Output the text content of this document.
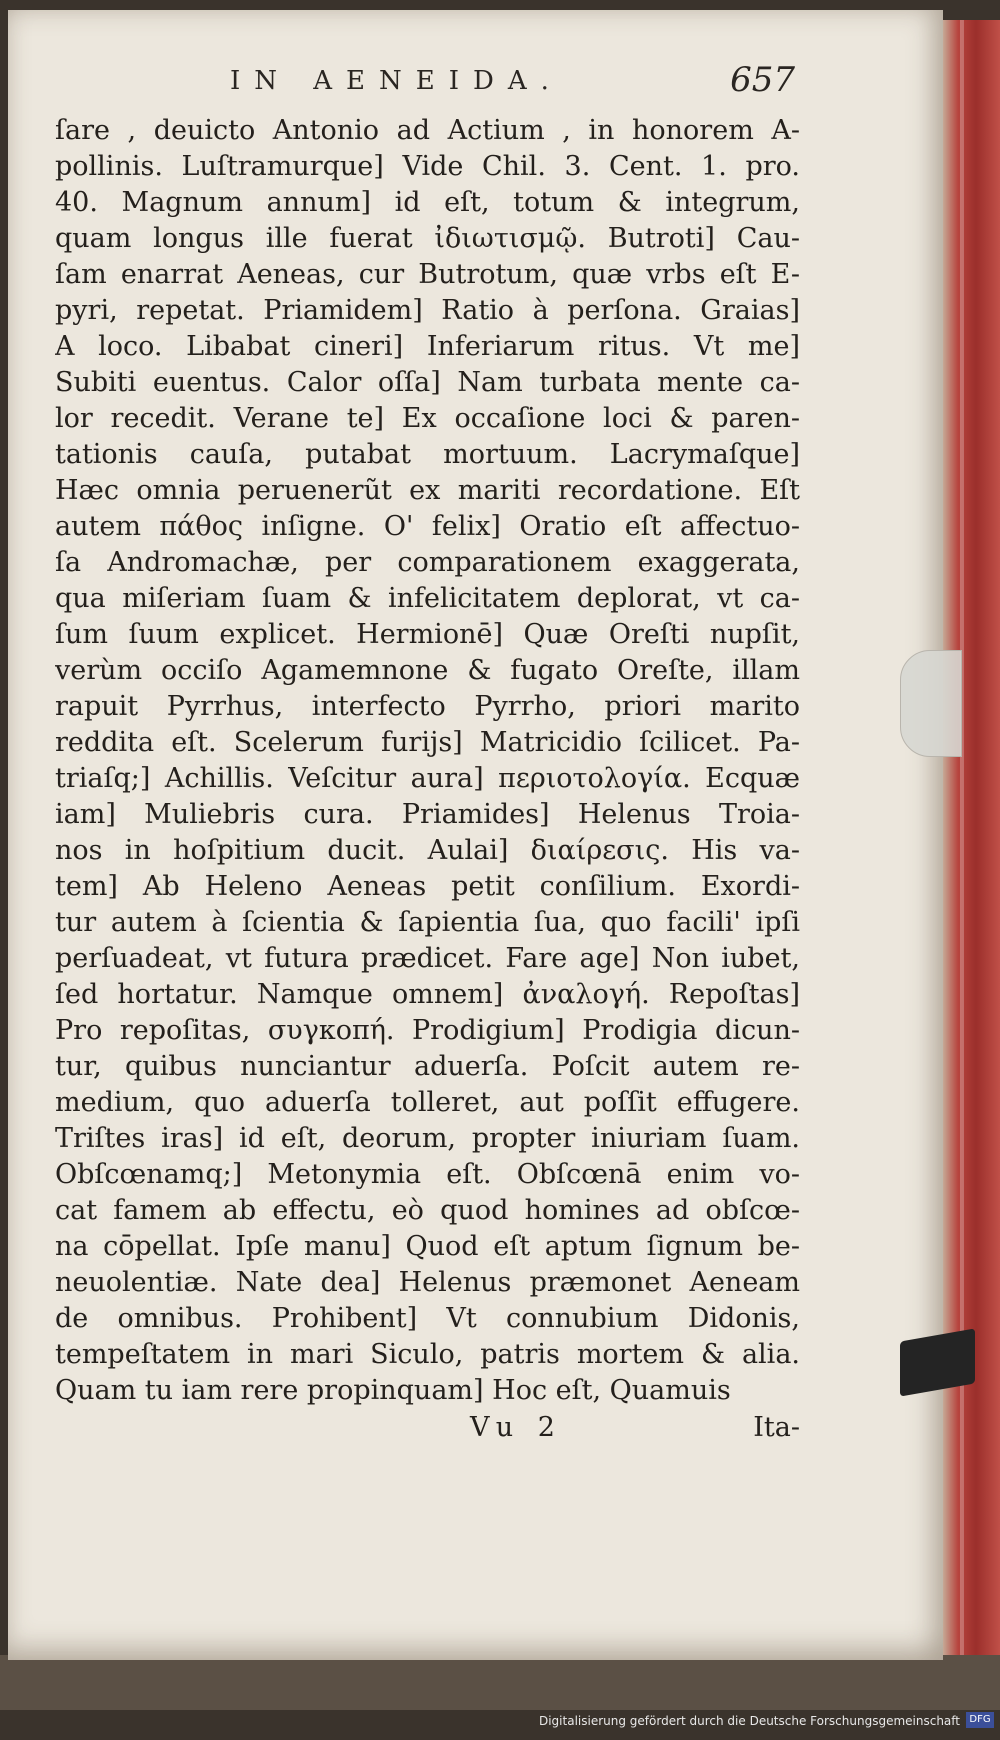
IN AENEIDA.	657
ſare , deuicto Antonio ad Actium , in honorem A-
pollinis. Luſtramurque] Vide Chil. 3. Cent. 1. pro.
40. Magnum annum] id eſt, totum & integrum,
quam longus ille fuerat ἰδιωτισμῷ. Butroti] Cau-
ſam enarrat Aeneas, cur Butrotum, quæ vrbs eſt E-
pyri, repetat. Priamidem] Ratio à perſona. Graias]
A loco. Libabat cineri] Inferiarum ritus. Vt me]
Subiti euentus. Calor oſſa] Nam turbata mente ca-
lor recedit. Verane te] Ex occaſione loci & paren-
tationis cauſa, putabat mortuum. Lacrymaſque]
Hæc omnia peruenerũt ex mariti recordatione. Eſt
autem πάθος inſigne. O' felix] Oratio eſt affectuo-
ſa Andromachæ, per comparationem exaggerata,
qua miſeriam ſuam & infelicitatem deplorat, vt ca-
ſum ſuum explicet. Hermionē] Quæ Oreſti nupſit,
verùm occiſo Agamemnone & fugato Oreſte, illam
rapuit Pyrrhus, interfecto Pyrrho, priori marito
reddita eſt. Scelerum furijs] Matricidio ſcilicet. Pa-
triaſq;] Achillis. Veſcitur aura] περιοτολογία. Ecquæ
iam] Muliebris cura. Priamides] Helenus Troia-
nos in hoſpitium ducit. Aulai] διαίρεσις. His va-
tem] Ab Heleno Aeneas petit conſilium. Exordi-
tur autem à ſcientia & ſapientia ſua, quo facili' ipſi
perſuadeat, vt futura prædicet. Fare age] Non iubet,
ſed hortatur. Namque omnem] ἀναλογή. Repoſtas]
Pro repoſitas, συγκοπή. Prodigium] Prodigia dicun-
tur, quibus nunciantur aduerſa. Poſcit autem re-
medium, quo aduerſa tolleret, aut poſſit effugere.
Triſtes iras] id eſt, deorum, propter iniuriam ſuam.
Obſcœnamq;] Metonymia eſt. Obſcœnā enim vo-
cat famem ab effectu, eò quod homines ad obſcœ-
na cōpellat. Ipſe manu] Quod eſt aptum ſignum be-
neuolentiæ. Nate dea] Helenus præmonet Aeneam
de omnibus. Prohibent] Vt connubium Didonis,
tempeſtatem in mari Siculo, patris mortem & alia.
Quam tu iam rere propinquam] Hoc eſt, Quamuis
Vu 2	Ita-
Digitalisierung gefördert durch die Deutsche Forschungsgemeinschaft DFG
